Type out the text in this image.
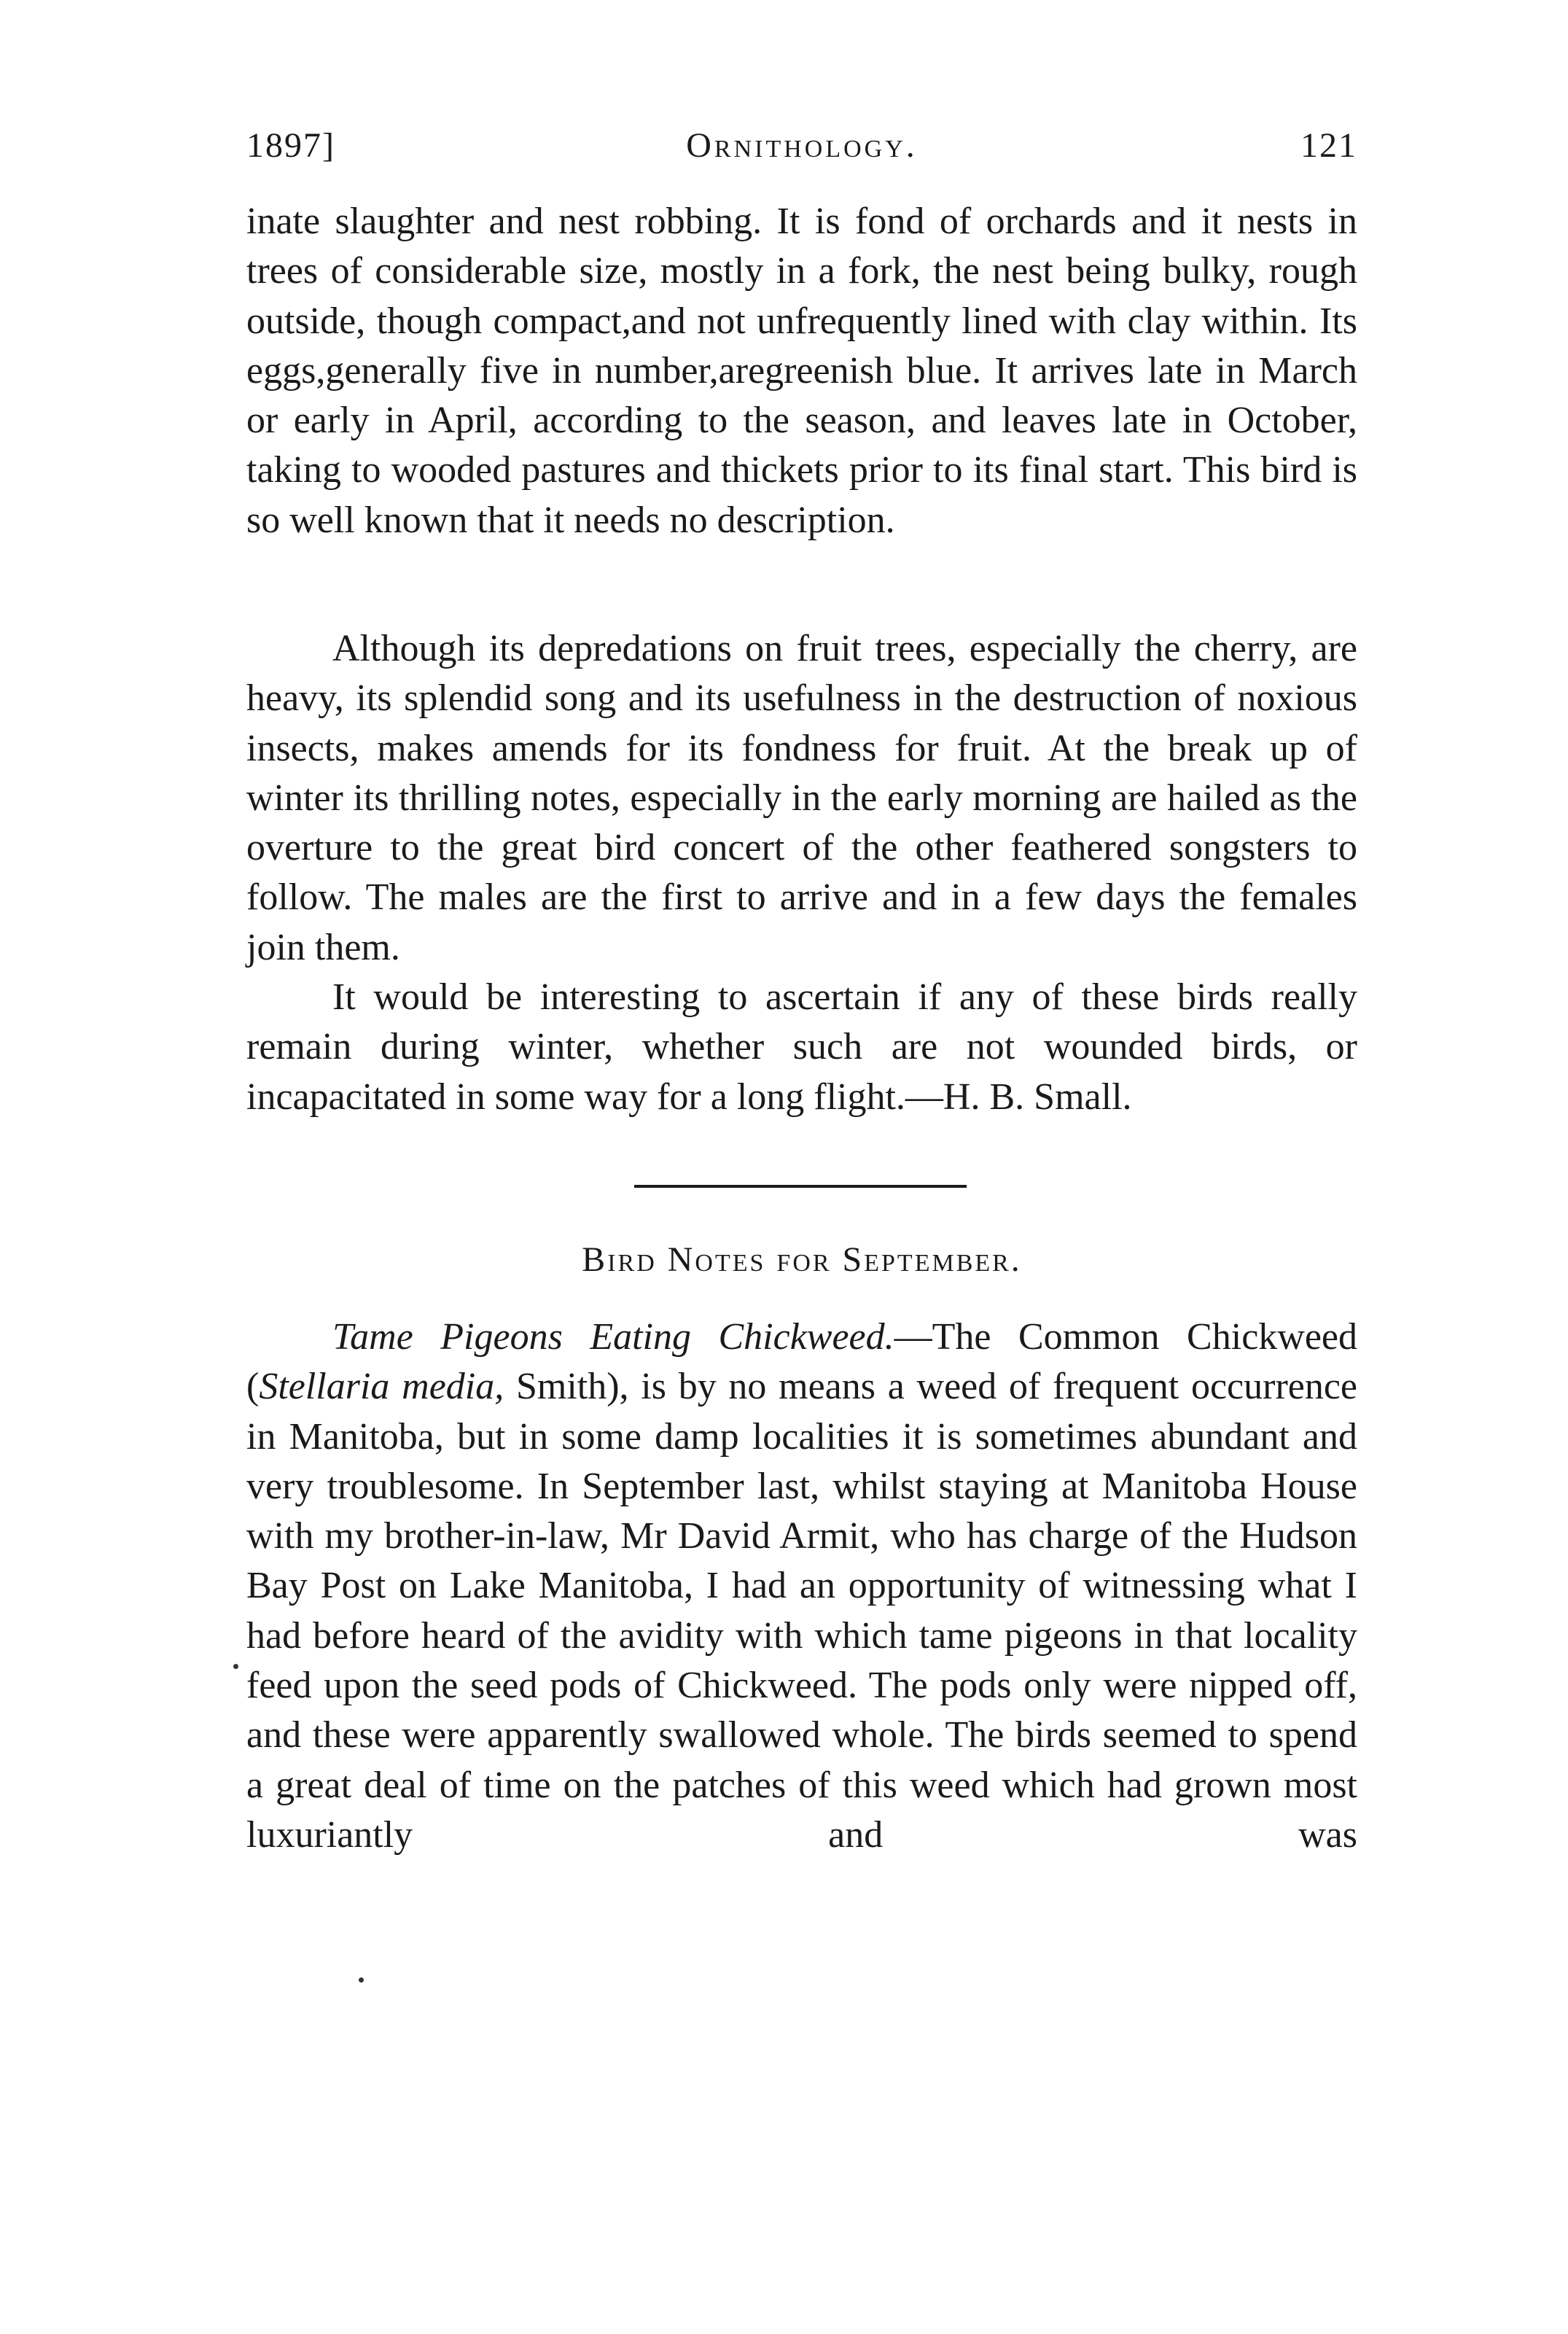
1897]	Ornithology.	121
inate slaughter and nest robbing. It is fond of orchards and it nests in trees of considerable size, mostly in a fork, the nest being bulky, rough outside, though compact,and not unfrequently lined with clay within. Its eggs,generally five in number,aregreenish blue. It arrives late in March or early in April, according to the season, and leaves late in October, taking to wooded pastures and thickets prior to its final start. This bird is so well known that it needs no description.
Although its depredations on fruit trees, especially the cherry, are heavy, its splendid song and its usefulness in the destruction of noxious insects, makes amends for its fondness for fruit. At the break up of winter its thrilling notes, especially in the early morning are hailed as the overture to the great bird concert of the other feathered songsters to follow. The males are the first to arrive and in a few days the females join them.
It would be interesting to ascertain if any of these birds really remain during winter, whether such are not wounded birds, or incapacitated in some way for a long flight.—H. B. Small.
Bird Notes for September.
Tame Pigeons Eating Chickweed.—The Common Chickweed (Stellaria media, Smith), is by no means a weed of frequent occurrence in Manitoba, but in some damp localities it is sometimes abundant and very troublesome. In September last, whilst staying at Manitoba House with my brother-in-law, Mr David Armit, who has charge of the Hudson Bay Post on Lake Manitoba, I had an opportunity of witnessing what I had before heard of the avidity with which tame pigeons in that locality feed upon the seed pods of Chickweed. The pods only were nipped off, and these were apparently swallowed whole. The birds seemed to spend a great deal of time on the patches of this weed which had grown most luxuriantly and was
